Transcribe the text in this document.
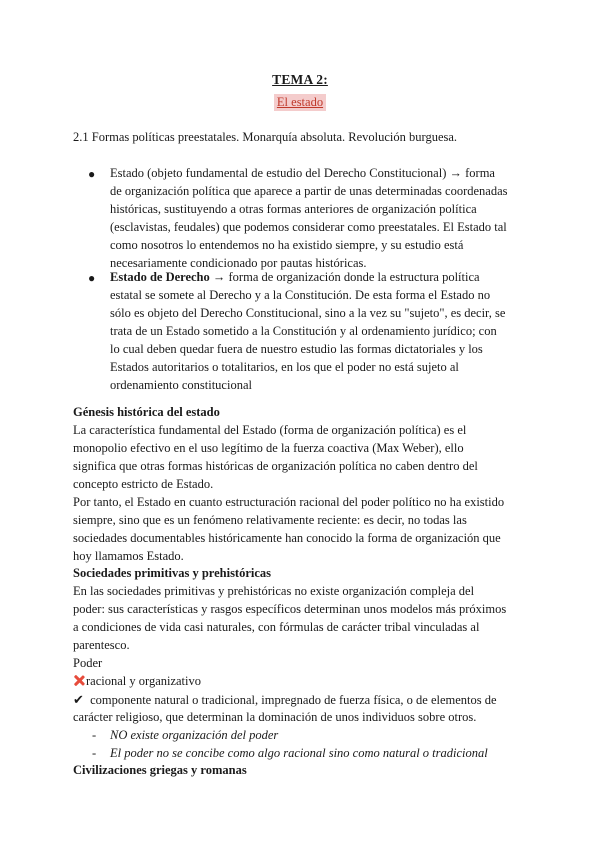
TEMA 2:
El estado
2.1 Formas políticas preestatales. Monarquía absoluta. Revolución burguesa.
● Estado (objeto fundamental de estudio del Derecho Constitucional) → forma
de organización política que aparece a partir de unas determinadas coordenadas
históricas, sustituyendo a otras formas anteriores de organización política
(esclavistas, feudales) que podemos considerar como preestatales. El Estado tal
como nosotros lo entendemos no ha existido siempre, y su estudio está
necesariamente condicionado por pautas históricas.
● Estado de Derecho → forma de organización donde la estructura política
estatal se somete al Derecho y a la Constitución. De esta forma el Estado no
sólo es objeto del Derecho Constitucional, sino a la vez su "sujeto", es decir, se
trata de un Estado sometido a la Constitución y al ordenamiento jurídico; con
lo cual deben quedar fuera de nuestro estudio las formas dictatoriales y los
Estados autoritarios o totalitarios, en los que el poder no está sujeto al
ordenamiento constitucional
Génesis histórica del estado
La característica fundamental del Estado (forma de organización política) es el
monopolio efectivo en el uso legítimo de la fuerza coactiva (Max Weber), ello
significa que otras formas históricas de organización política no caben dentro del
concepto estricto de Estado.
Por tanto, el Estado en cuanto estructuración racional del poder político no ha existido
siempre, sino que es un fenómeno relativamente reciente: es decir, no todas las
sociedades documentables históricamente han conocido la forma de organización que
hoy llamamos Estado.
Sociedades primitivas y prehistóricas
En las sociedades primitivas y prehistóricas no existe organización compleja del
poder: sus características y rasgos específicos determinan unos modelos más próximos
a condiciones de vida casi naturales, con fórmulas de carácter tribal vinculadas al
parentesco.
Poder
racional y organizativo
✔ componente natural o tradicional, impregnado de fuerza física, o de elementos de
carácter religioso, que determinan la dominación de unos individuos sobre otros.
- NO existe organización del poder
- El poder no se concibe como algo racional sino como natural o tradicional
Civilizaciones griegas y romanas
